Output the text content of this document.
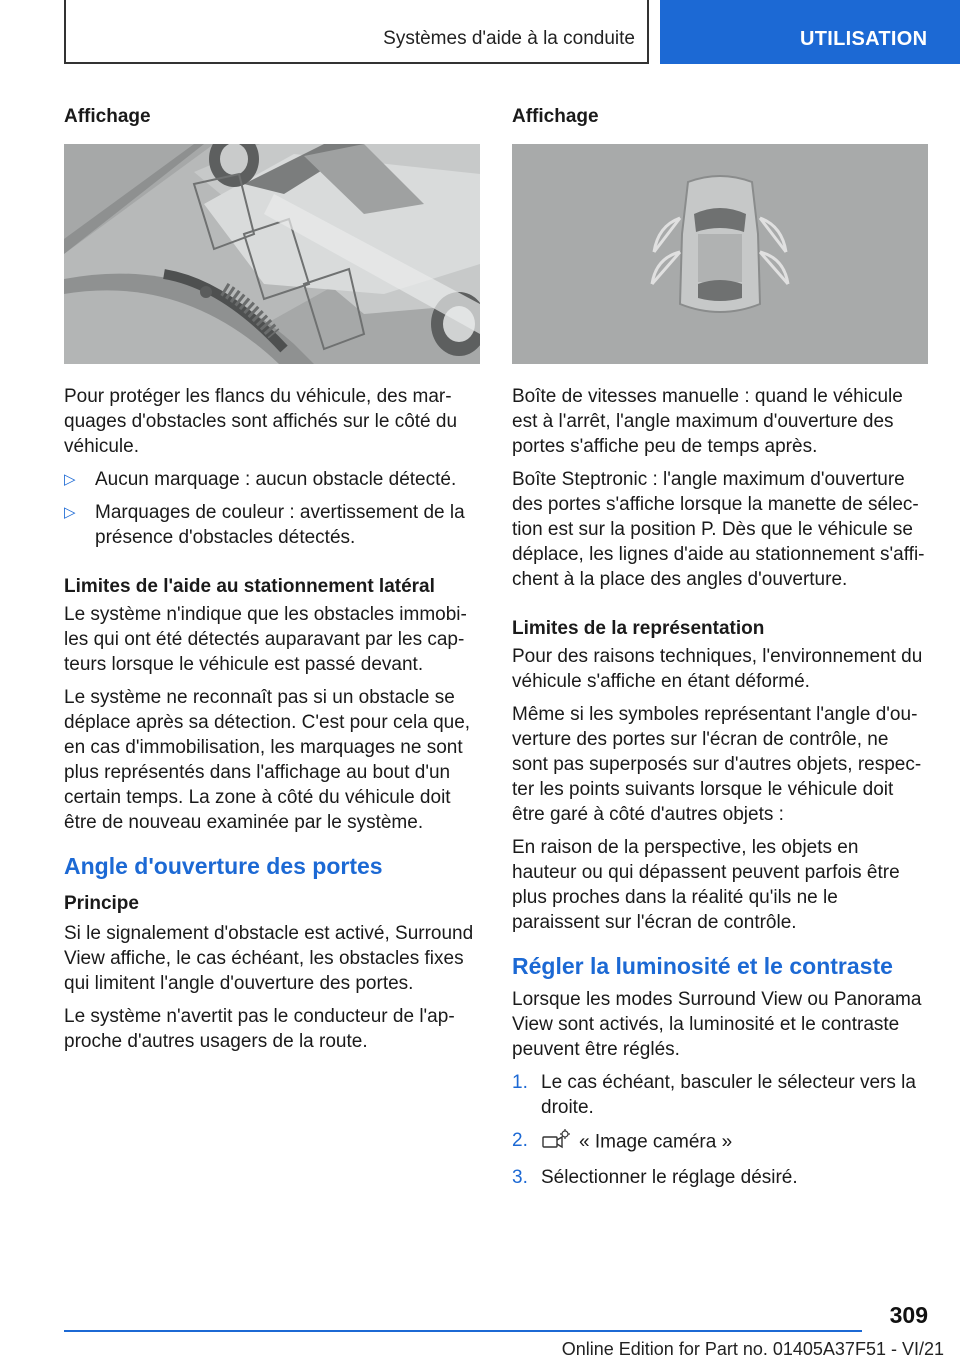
Systèmes d'aide à la conduite	UTILISATION
Affichage

Pour protéger les flancs du véhicule, des marquages d'obstacles sont affichés sur le côté du véhicule.

▷ Aucun marquage : aucun obstacle détecté.
▷ Marquages de couleur : avertissement de la présence d'obstacles détectés.
Limites de l'aide au stationnement latéral

Le système n'indique que les obstacles immobiles qui ont été détectés auparavant par les capteurs lorsque le véhicule est passé devant.

Le système ne reconnaît pas si un obstacle se déplace après sa détection. C'est pour cela que, en cas d'immobilisation, les marquages ne sont plus représentés dans l'affichage au bout d'un certain temps. La zone à côté du véhicule doit être de nouveau examinée par le système.

Angle d'ouverture des portes
Principe

Si le signalement d'obstacle est activé, Surround View affiche, le cas échéant, les obstacles fixes qui limitent l'angle d'ouverture des portes.

Le système n'avertit pas le conducteur de l'approche d'autres usagers de la route.

Affichage

Boîte de vitesses manuelle : quand le véhicule est à l'arrêt, l'angle maximum d'ouverture des portes s'affiche peu de temps après.

Boîte Steptronic : l'angle maximum d'ouverture des portes s'affiche lorsque la manette de sélection est sur la position P. Dès que le véhicule se déplace, les lignes d'aide au stationnement s'affichent à la place des angles d'ouverture.

Limites de la représentation

Pour des raisons techniques, l'environnement du véhicule s'affiche en étant déformé.

Même si les symboles représentant l'angle d'ouverture des portes sur l'écran de contrôle, ne sont pas superposés sur d'autres objets, respecter les points suivants lorsque le véhicule doit être garé à côté d'autres objets :

En raison de la perspective, les objets en hauteur ou qui dépassent peuvent parfois être plus proches dans la réalité qu'ils ne le paraissent sur l'écran de contrôle.

Régler la luminosité et le contraste

Lorsque les modes Surround View ou Panorama View sont activés, la luminosité et le contraste peuvent être réglés.

1. Le cas échéant, basculer le sélecteur vers la droite.
2.	« Image caméra »
3. Sélectionner le réglage désiré.
309
Online Edition for Part no. 01405A37F51 - VI/21
